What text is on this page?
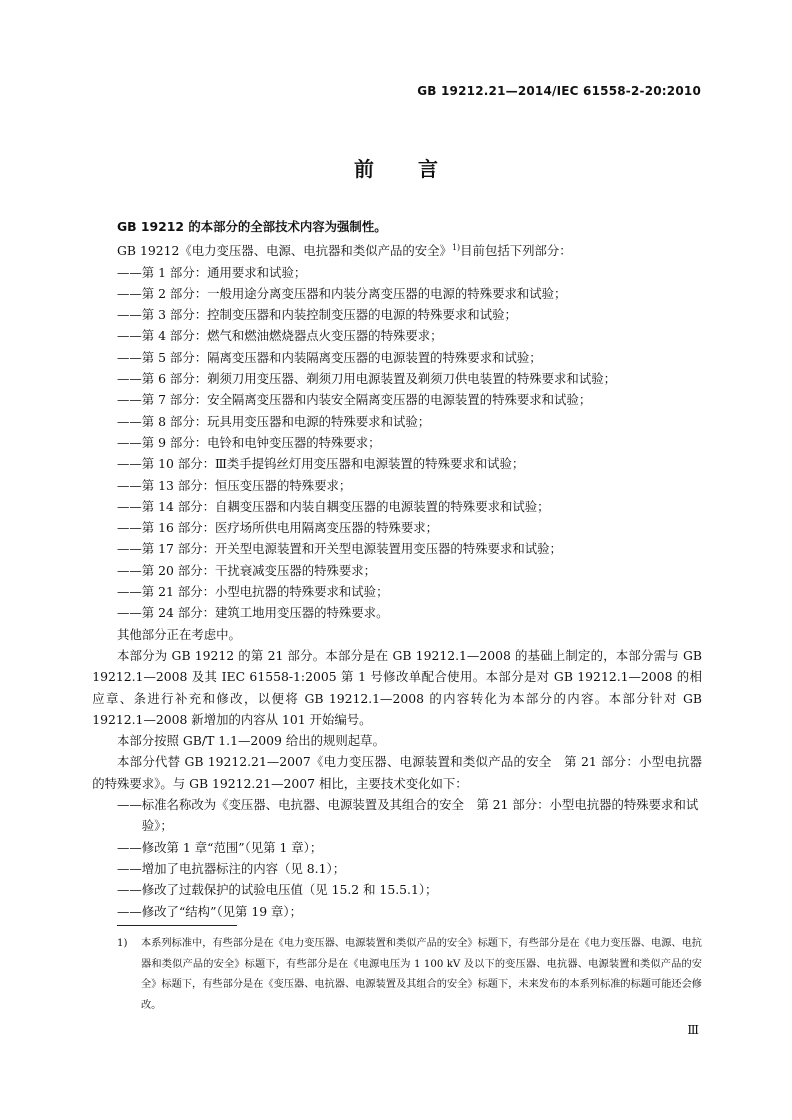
GB 19212.21—2014/IEC 61558-2-20:2010
前言

GB 19212 的本部分的全部技术内容为强制性。

GB 19212《电力变压器、电源、电抗器和类似产品的安全》$^{1)}$目前包括下列部分：

——第 1 部分：通用要求和试验；

——第 2 部分：一般用途分离变压器和内装分离变压器的电源的特殊要求和试验；

——第 3 部分：控制变压器和内装控制变压器的电源的特殊要求和试验；

——第 4 部分：燃气和燃油燃烧器点火变压器的特殊要求；

——第 5 部分：隔离变压器和内装隔离变压器的电源装置的特殊要求和试验；

——第 6 部分：剃须刀用变压器、剃须刀用电源装置及剃须刀供电装置的特殊要求和试验；

——第 7 部分：安全隔离变压器和内装安全隔离变压器的电源装置的特殊要求和试验；

——第 8 部分：玩具用变压器和电源的特殊要求和试验；

——第 9 部分：电铃和电钟变压器的特殊要求；

——第 10 部分：Ⅲ类手提钨丝灯用变压器和电源装置的特殊要求和试验；

——第 13 部分：恒压变压器的特殊要求；

——第 14 部分：自耦变压器和内装自耦变压器的电源装置的特殊要求和试验；

——第 16 部分：医疗场所供电用隔离变压器的特殊要求；

——第 17 部分：开关型电源装置和开关型电源装置用变压器的特殊要求和试验；

——第 20 部分：干扰衰减变压器的特殊要求；

——第 21 部分：小型电抗器的特殊要求和试验；

——第 24 部分：建筑工地用变压器的特殊要求。

其他部分正在考虑中。

本部分为 GB 19212 的第 21 部分。本部分是在 GB 19212.1—2008 的基础上制定的，本部分需与 GB 19212.1—2008 及其 IEC 61558-1:2005 第 1 号修改单配合使用。本部分是对 GB 19212.1—2008 的相应章、条进行补充和修改，以便将 GB 19212.1—2008 的内容转化为本部分的内容。本部分针对 GB 19212.1—2008 新增加的内容从 101 开始编号。

本部分按照 GB/T 1.1—2009 给出的规则起草。

本部分代替 GB 19212.21—2007《电力变压器、电源装置和类似产品的安全　第 21 部分：小型电抗器的特殊要求》。与 GB 19212.21—2007 相比，主要技术变化如下：

——标准名称改为《变压器、电抗器、电源装置及其组合的安全　第 21 部分：小型电抗器的特殊要求和试验》；

——修改第 1 章“范围”（见第 1 章）；

——增加了电抗器标注的内容（见 8.1）；

——修改了过载保护的试验电压值（见 15.2 和 15.5.1）；

——修改了“结构”（见第 19 章）；

1) 本系列标准中，有些部分是在《电力变压器、电源装置和类似产品的安全》标题下，有些部分是在《电力变压器、电源、电抗器和类似产品的安全》标题下，有些部分是在《电源电压为 1 100 kV 及以下的变压器、电抗器、电源装置和类似产品的安全》标题下，有些部分是在《变压器、电抗器、电源装置及其组合的安全》标题下，未来发布的本系列标准的标题可能还会修改。
Ⅲ
